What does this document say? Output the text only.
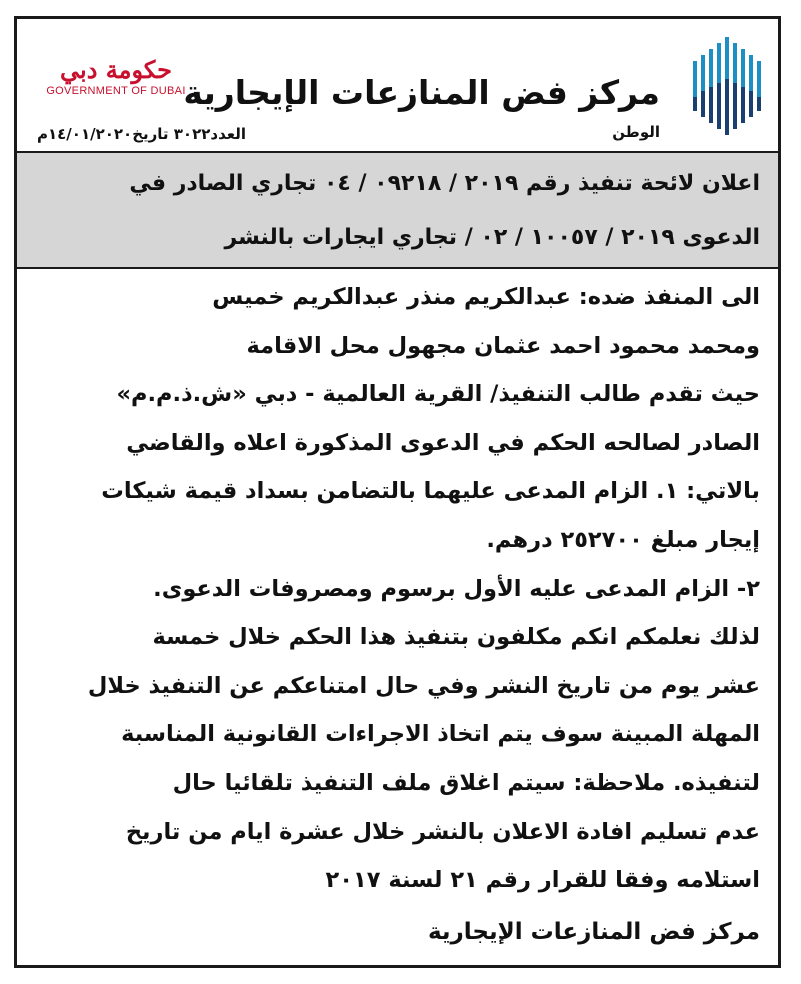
مركز فض المنازعات الإيجارية
الوطن
حكومة دبي
GOVERNMENT OF DUBAI
العدد٣٠٢٢ تاريخ١٤/٠١/٢٠٢٠م
اعلان لائحة تنفيذ رقم ٢٠١٩ / ٠٩٢١٨ / ٠٤ تجاري الصادر في
الدعوى ٢٠١٩ / ١٠٠٥٧ / ٠٢ / تجاري ايجارات بالنشر

الى المنفذ ضده: عبدالكريم منذر عبدالكريم خميس

ومحمد محمود احمد عثمان مجهول محل الاقامة

حيث تقدم طالب التنفيذ/ القرية العالمية - دبي «ش.ذ.م.م»

الصادر لصالحه الحكم في الدعوى المذكورة اعلاه والقاضي

بالاتي: ١. الزام المدعى عليهما بالتضامن بسداد قيمة شيكات

إيجار مبلغ ٢٥٢٧٠٠ درهم.

٢- الزام المدعى عليه الأول برسوم ومصروفات الدعوى.

لذلك نعلمكم انكم مكلفون بتنفيذ هذا الحكم خلال خمسة

عشر يوم من تاريخ النشر وفي حال امتناعكم عن التنفيذ خلال

المهلة المبينة سوف يتم اتخاذ الاجراءات القانونية المناسبة

لتنفيذه. ملاحظة: سيتم اغلاق ملف التنفيذ تلقائيا حال

عدم تسليم افادة الاعلان بالنشر خلال عشرة ايام من تاريخ

استلامه وفقا للقرار رقم ٢١ لسنة ٢٠١٧

مركز فض المنازعات الإيجارية
